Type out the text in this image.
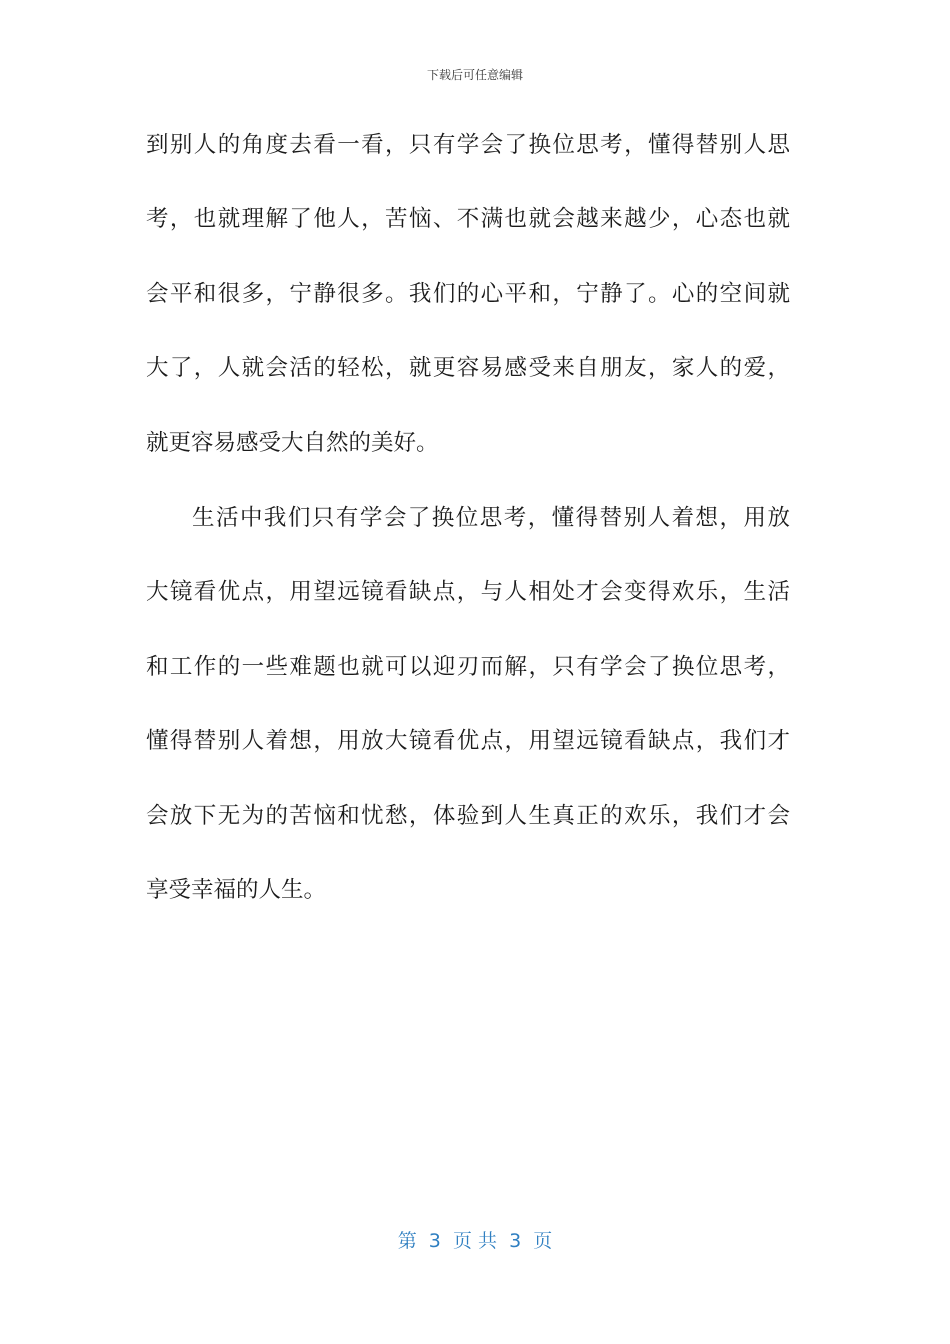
下载后可任意编辑
到别人的角度去看一看，只有学会了换位思考，懂得替别人思
考，也就理解了他人，苦恼、不满也就会越来越少，心态也就
会平和很多，宁静很多。我们的心平和，宁静了。心的空间就
大了，人就会活的轻松，就更容易感受来自朋友，家人的爱，
就更容易感受大自然的美好。
生活中我们只有学会了换位思考，懂得替别人着想，用放
大镜看优点，用望远镜看缺点，与人相处才会变得欢乐，生活
和工作的一些难题也就可以迎刃而解，只有学会了换位思考，
懂得替别人着想，用放大镜看优点，用望远镜看缺点，我们才
会放下无为的苦恼和忧愁，体验到人生真正的欢乐，我们才会
享受幸福的人生。
第  3  页 共  3  页
